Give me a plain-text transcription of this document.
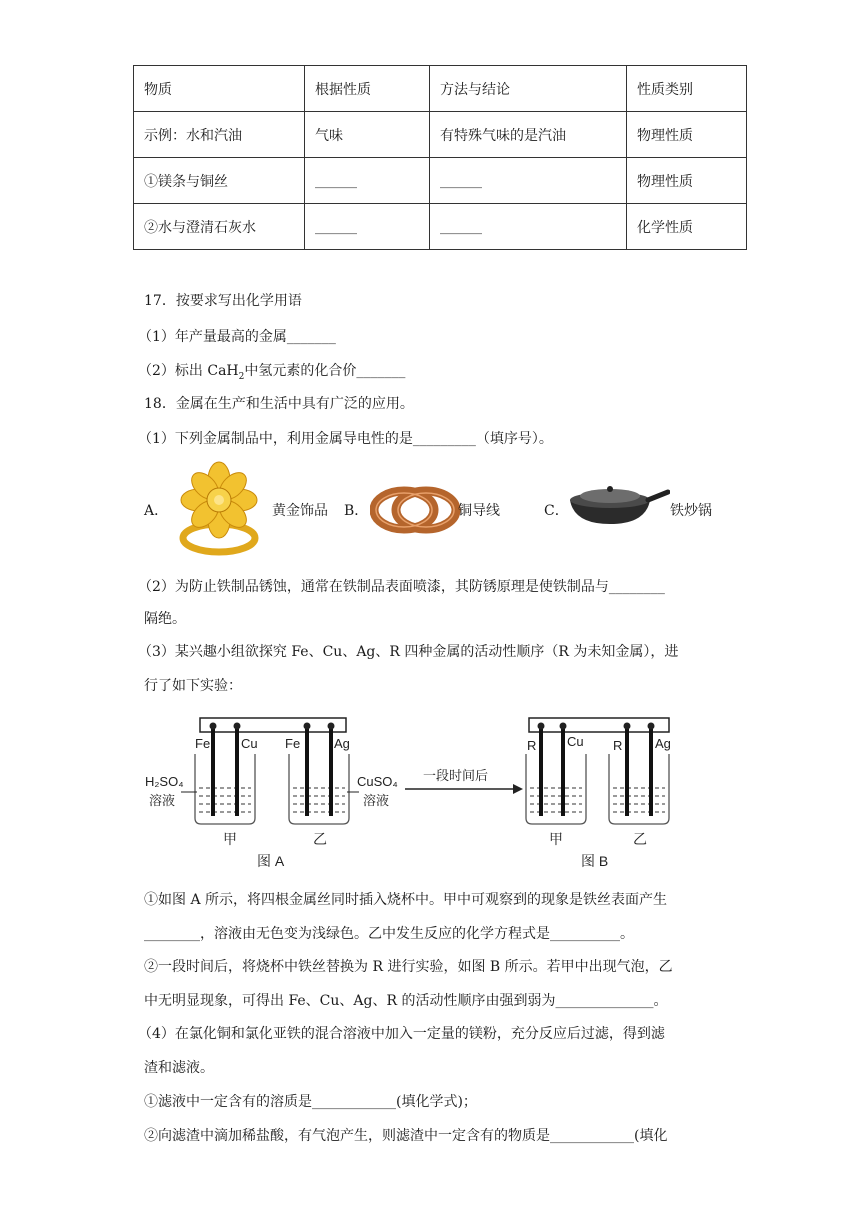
物质	根据性质	方法与结论	性质类别
示例：水和汽油	气味	有特殊气味的是汽油	物理性质
①镁条与铜丝	______	______	物理性质
②水与澄清石灰水	______	______	化学性质
17．按要求写出化学用语
（1）年产量最高的金属_______
（2）标出 CaH$_2$中氢元素的化合价_______
18．金属在生产和生活中具有广泛的应用。
（1）下列金属制品中，利用金属导电性的是_________（填序号）。
A．	黄金饰品 B．	铜导线	C．	铁炒锅
（2）为防止铁制品锈蚀，通常在铁制品表面喷漆，其防锈原理是使铁制品与________
隔绝。
（3）某兴趣小组欲探究 Fe、Cu、Ag、R 四种金属的活动性顺序（R 为未知金属），进
行了如下实验：
Fe Cu Fe	Ag
H₂SO₄
溶液
CuSO₄
溶液
一段时间后
甲	乙
图 A
R Cu R	Ag
甲	乙
图 B
①如图 A 所示，将四根金属丝同时插入烧杯中。甲中可观察到的现象是铁丝表面产生
________，溶液由无色变为浅绿色。乙中发生反应的化学方程式是__________。
②一段时间后，将烧杯中铁丝替换为 R 进行实验，如图 B 所示。若甲中出现气泡，乙
中无明显现象，可得出 Fe、Cu、Ag、R 的活动性顺序由强到弱为______________。
（4）在氯化铜和氯化亚铁的混合溶液中加入一定量的镁粉，充分反应后过滤，得到滤
渣和滤液。
①滤液中一定含有的溶质是____________(填化学式)；
②向滤渣中滴加稀盐酸，有气泡产生，则滤渣中一定含有的物质是____________(填化
